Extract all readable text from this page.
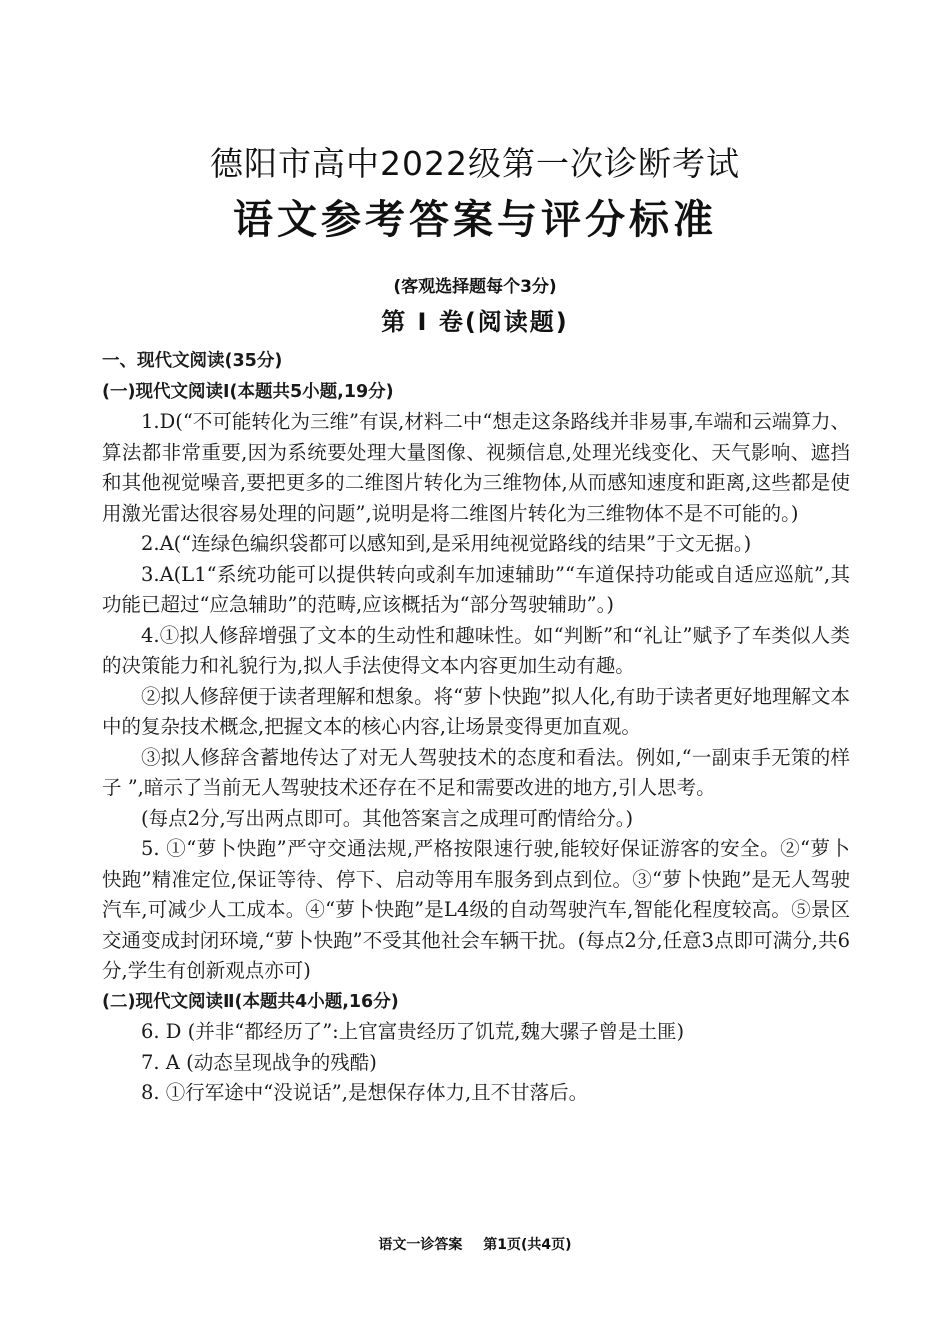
德阳市高中2022级第一次诊断考试
语文参考答案与评分标准
(客观选择题每个3分)
第 Ⅰ 卷(阅读题)

一、现代文阅读(35分)

(一)现代文阅读Ⅰ(本题共5小题,19分)

1.D(“不可能转化为三维”有误,材料二中“想走这条路线并非易事,车端和云端算力、算法都非常重要,因为系统要处理大量图像、视频信息,处理光线变化、天气影响、遮挡和其他视觉噪音,要把更多的二维图片转化为三维物体,从而感知速度和距离,这些都是使用激光雷达很容易处理的问题”,说明是将二维图片转化为三维物体不是不可能的。)

2.A(“连绿色编织袋都可以感知到,是采用纯视觉路线的结果”于文无据。)

3.A(L1“系统功能可以提供转向或刹车加速辅助”“车道保持功能或自适应巡航”,其功能已超过“应急辅助”的范畴,应该概括为“部分驾驶辅助”。)

4.①拟人修辞增强了文本的生动性和趣味性。如“判断”和“礼让”赋予了车类似人类的决策能力和礼貌行为,拟人手法使得文本内容更加生动有趣。

②拟人修辞便于读者理解和想象。将“萝卜快跑”拟人化,有助于读者更好地理解文本中的复杂技术概念,把握文本的核心内容,让场景变得更加直观。

③拟人修辞含蓄地传达了对无人驾驶技术的态度和看法。例如,“一副束手无策的样子 ”,暗示了当前无人驾驶技术还存在不足和需要改进的地方,引人思考。

(每点2分,写出两点即可。其他答案言之成理可酌情给分。)

5. ①“萝卜快跑”严守交通法规,严格按限速行驶,能较好保证游客的安全。②“萝卜快跑”精准定位,保证等待、停下、启动等用车服务到点到位。③“萝卜快跑”是无人驾驶汽车,可减少人工成本。④“萝卜快跑”是L4级的自动驾驶汽车,智能化程度较高。⑤景区交通变成封闭环境,“萝卜快跑”不受其他社会车辆干扰。(每点2分,任意3点即可满分,共6分,学生有创新观点亦可)

(二)现代文阅读Ⅱ(本题共4小题,16分)

6. D (并非“都经历了”:上官富贵经历了饥荒,魏大骡子曾是土匪)

7. A (动态呈现战争的残酷)

8. ①行军途中“没说话”,是想保存体力,且不甘落后。

语文一诊答案 第1页(共4页)
